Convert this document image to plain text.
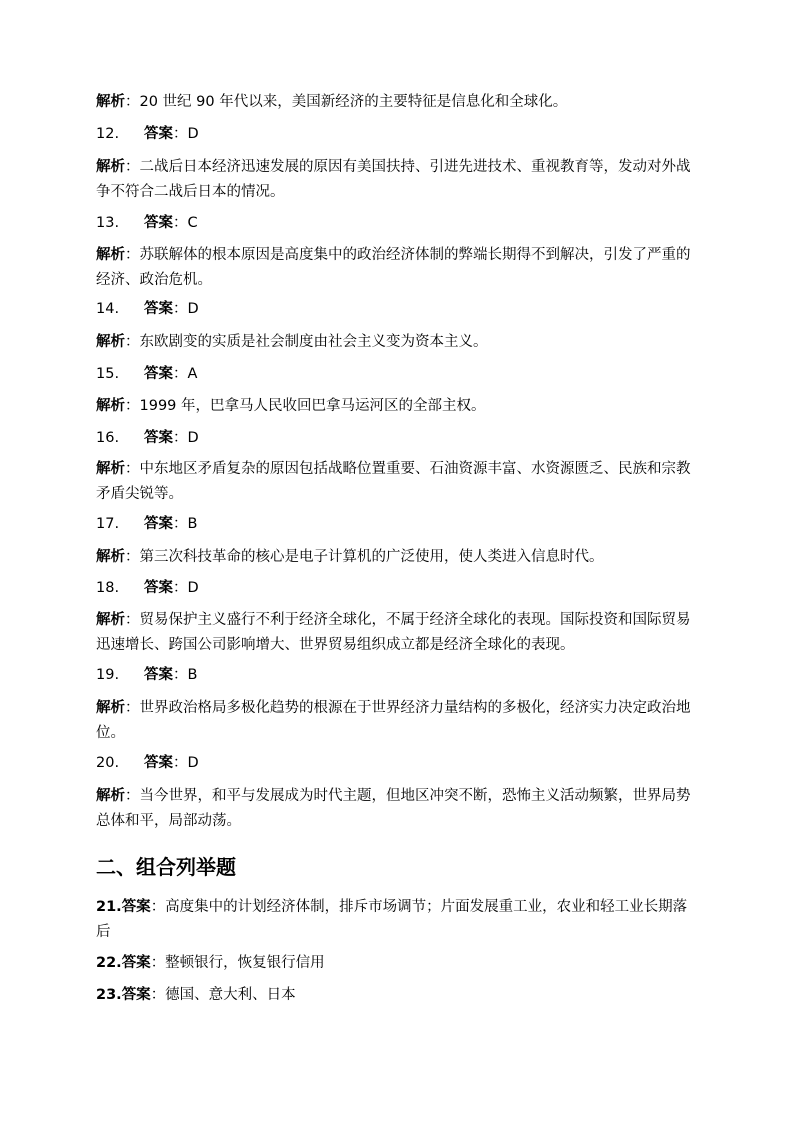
解析：20 世纪 90 年代以来，美国新经济的主要特征是信息化和全球化。
12. 答案：D
解析：二战后日本经济迅速发展的原因有美国扶持、引进先进技术、重视教育等，发动对外战
争不符合二战后日本的情况。
13. 答案：C
解析：苏联解体的根本原因是高度集中的政治经济体制的弊端长期得不到解决，引发了严重的
经济、政治危机。
14. 答案：D
解析：东欧剧变的实质是社会制度由社会主义变为资本主义。
15. 答案：A
解析：1999 年，巴拿马人民收回巴拿马运河区的全部主权。
16. 答案：D
解析：中东地区矛盾复杂的原因包括战略位置重要、石油资源丰富、水资源匮乏、民族和宗教
矛盾尖锐等。
17. 答案：B
解析：第三次科技革命的核心是电子计算机的广泛使用，使人类进入信息时代。
18. 答案：D
解析：贸易保护主义盛行不利于经济全球化，不属于经济全球化的表现。国际投资和国际贸易
迅速增长、跨国公司影响增大、世界贸易组织成立都是经济全球化的表现。
19. 答案：B
解析：世界政治格局多极化趋势的根源在于世界经济力量结构的多极化，经济实力决定政治地
位。
20. 答案：D
解析：当今世界，和平与发展成为时代主题，但地区冲突不断，恐怖主义活动频繁，世界局势
总体和平，局部动荡。
二、组合列举题
21.答案：高度集中的计划经济体制，排斥市场调节；片面发展重工业，农业和轻工业长期落
后
22.答案：整顿银行，恢复银行信用
23.答案：德国、意大利、日本
